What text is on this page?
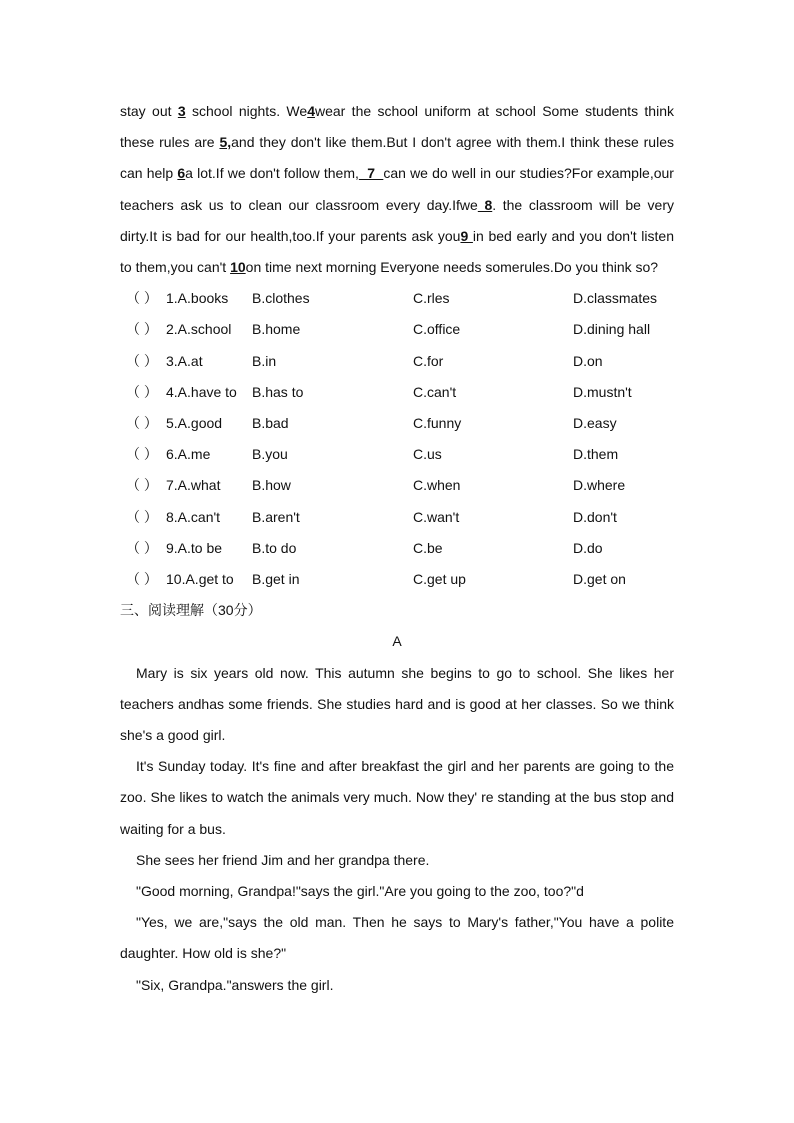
stay out 3 school nights. We4wear the school uniform at school Some students think these rules are 5,and they don't like them.But I don't agree with them.I think these rules can help 6a lot.If we don't follow them,  7  can we do well in our studies?For example,our teachers ask us to clean our classroom every day.Ifwe 8. the classroom will be very dirty.It is bad for our health,too.If your parents ask you9 in bed early and you don't listen to them,you can't 10on time next morning Everyone needs somerules.Do you think so?

（ ） 1.A.books B.clothes	C.rles	D.classmates
（ ） 2.A.school B.home	C.office	D.dining hall
（ ） 3.A.at	B.in	C.for	D.on
（ ） 4.A.have to B.has to	C.can't	D.mustn't
（ ） 5.A.good B.bad	C.funny	D.easy
（ ） 6.A.me	B.you	C.us	D.them
（ ） 7.A.what B.how	C.when	D.where
（ ） 8.A.can't B.aren't	C.wan't	D.don't
（ ） 9.A.to be B.to do	C.be	D.do
（ ） 10.A.get to B.get in	C.get up	D.get on

三、阅读理解（30分）

A

Mary is six years old now. This autumn she begins to go to school. She likes her teachers andhas some friends. She studies hard and is good at her classes. So we think she's a good girl.

It's Sunday today. It's fine and after breakfast the girl and her parents are going to the zoo. She likes to watch the animals very much. Now they' re standing at the bus stop and waiting for a bus.

She sees her friend Jim and her grandpa there.

"Good morning, Grandpa!"says the girl."Are you going to the zoo, too?"d

"Yes, we are,"says the old man. Then he says to Mary's father,"You have a polite daughter. How old is she?"

"Six, Grandpa."answers the girl.
